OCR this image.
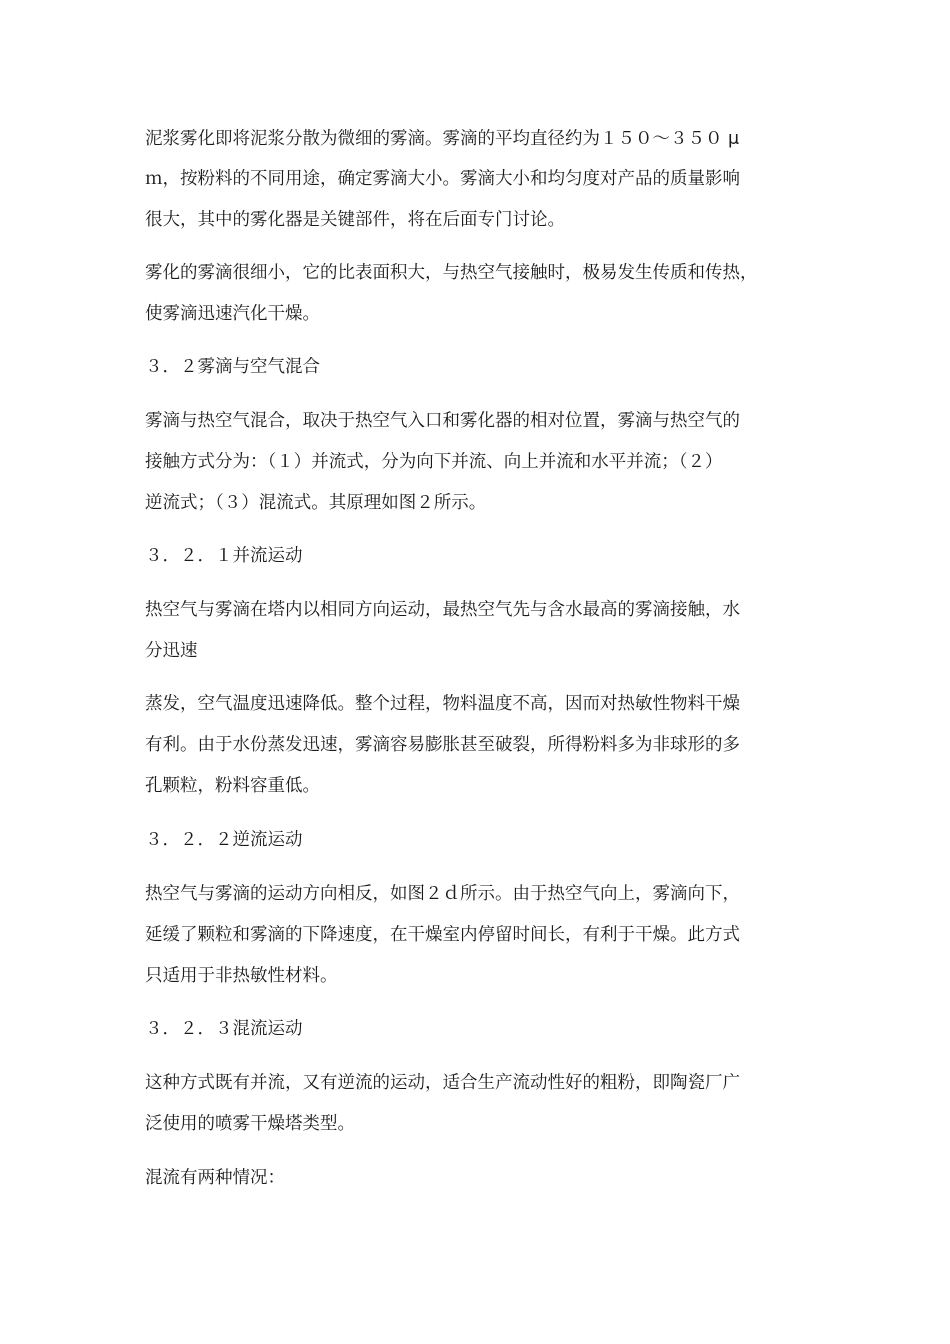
泥浆雾化即将泥浆分散为微细的雾滴。雾滴的平均直径约为１５０～３５０ μ
ｍ，按粉料的不同用途，确定雾滴大小。雾滴大小和均匀度对产品的质量影响
很大，其中的雾化器是关键部件，将在后面专门讨论。
雾化的雾滴很细小，它的比表面积大，与热空气接触时，极易发生传质和传热，
使雾滴迅速汽化干燥。
３．２雾滴与空气混合
雾滴与热空气混合，取决于热空气入口和雾化器的相对位置，雾滴与热空气的
接触方式分为：（１）并流式，分为向下并流、向上并流和水平并流；（２）
逆流式；（３）混流式。其原理如图２所示。
３．２．１并流运动
热空气与雾滴在塔内以相同方向运动，最热空气先与含水最高的雾滴接触，水
分迅速
蒸发，空气温度迅速降低。整个过程，物料温度不高，因而对热敏性物料干燥
有利。由于水份蒸发迅速，雾滴容易膨胀甚至破裂，所得粉料多为非球形的多
孔颗粒，粉料容重低。
３．２．２逆流运动
热空气与雾滴的运动方向相反，如图２ｄ所示。由于热空气向上，雾滴向下，
延缓了颗粒和雾滴的下降速度，在干燥室内停留时间长，有利于干燥。此方式
只适用于非热敏性材料。
３．２．３混流运动
这种方式既有并流，又有逆流的运动，适合生产流动性好的粗粉，即陶瓷厂广
泛使用的喷雾干燥塔类型。
混流有两种情况：
